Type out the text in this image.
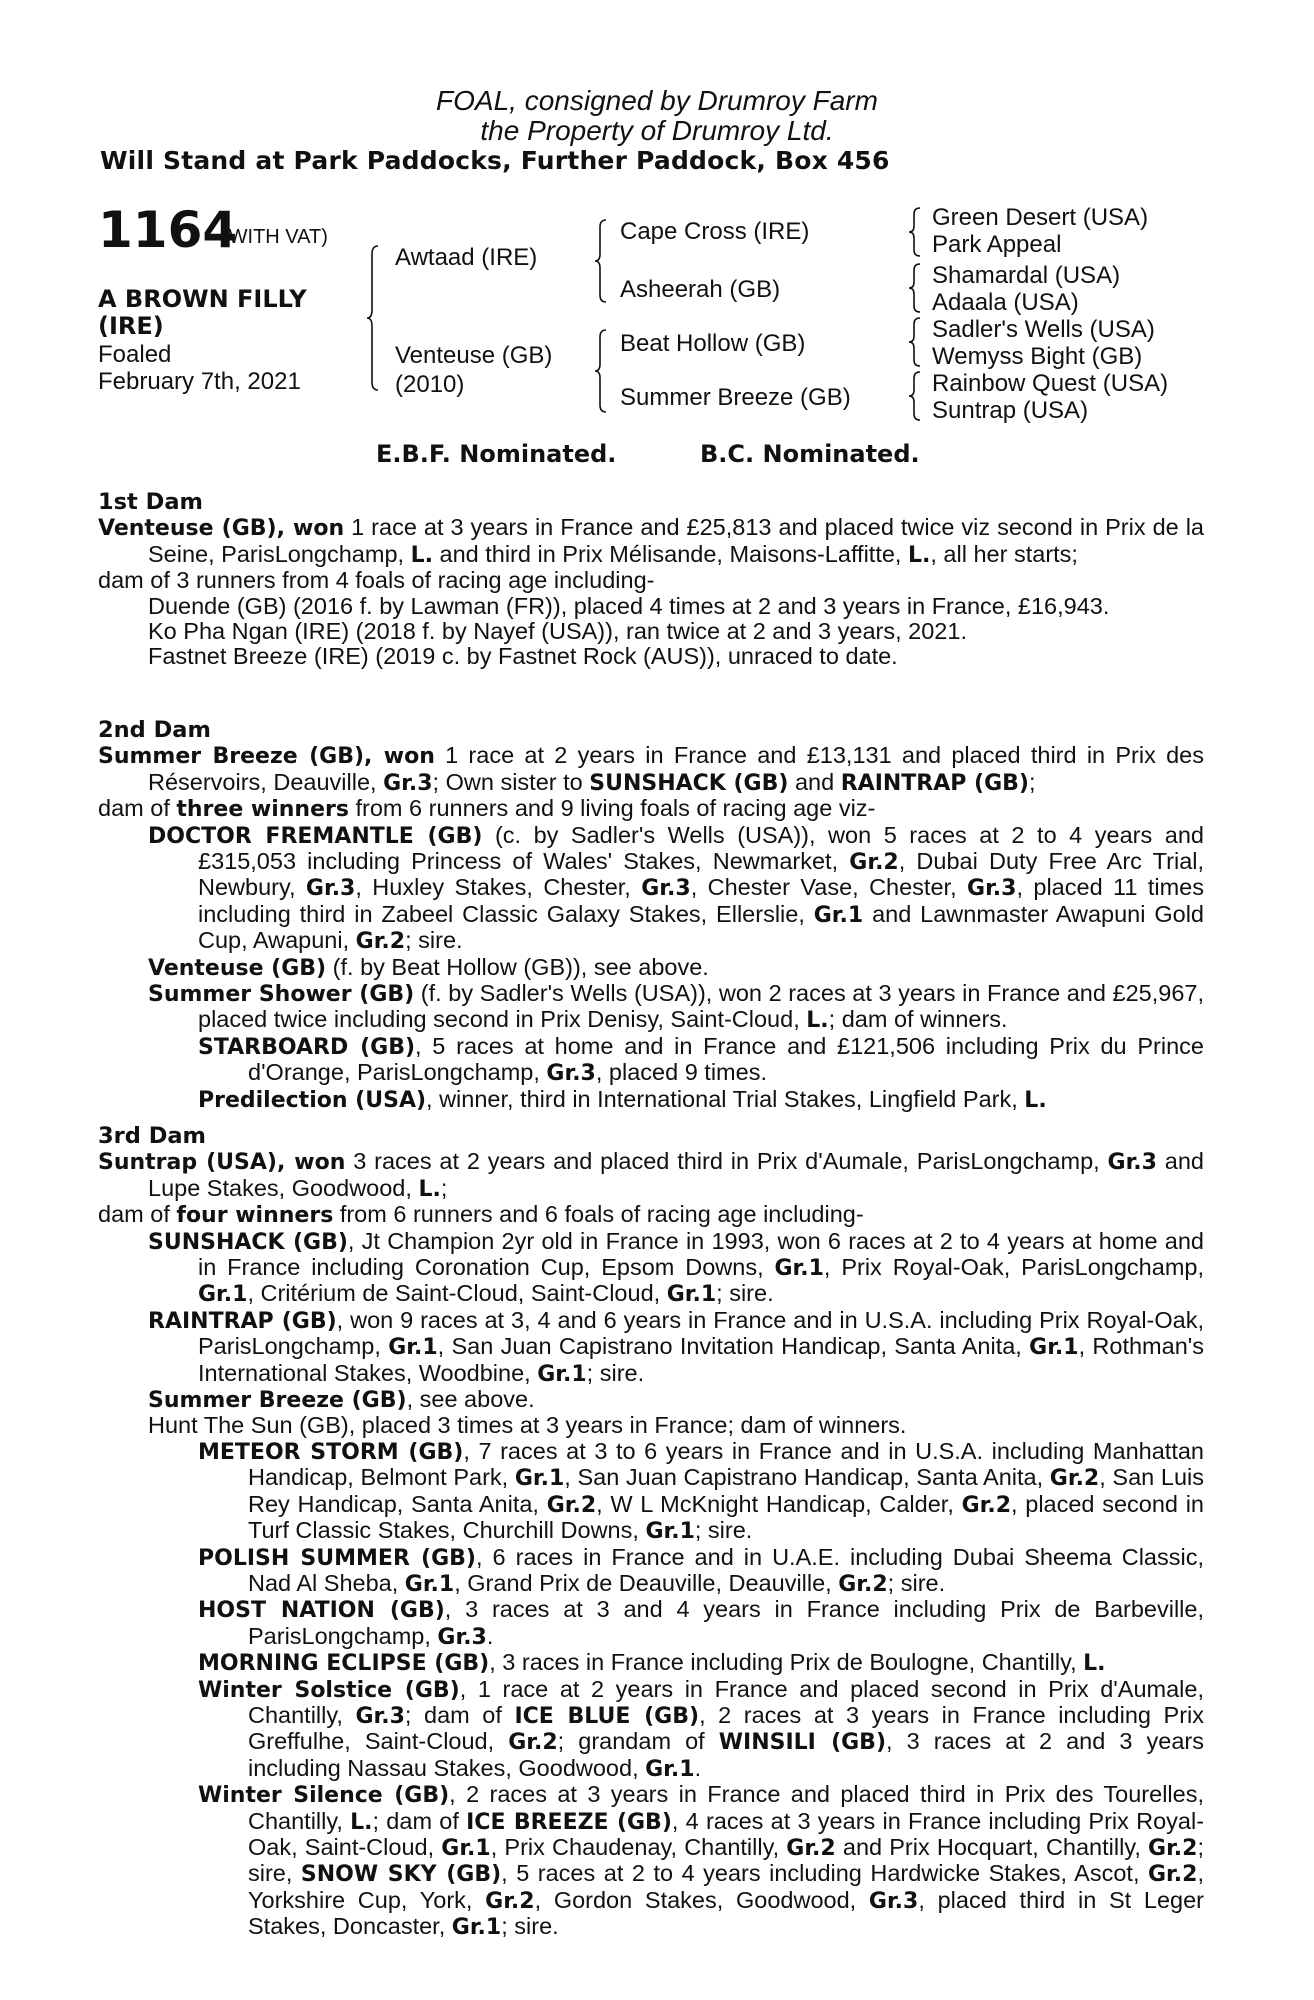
FOAL, consigned by Drumroy Farm
the Property of Drumroy Ltd.
Will Stand at Park Paddocks, Further Paddock, Box 456
1164
(WITH VAT)
A BROWN FILLY
(IRE)
Foaled
February 7th, 2021
Awtaad (IRE)
Venteuse (GB)
(2010)
Cape Cross (IRE)
Asheerah (GB)
Beat Hollow (GB)
Summer Breeze (GB)
Green Desert (USA)
Park Appeal
Shamardal (USA)
Adaala (USA)
Sadler's Wells (USA)
Wemyss Bight (GB)
Rainbow Quest (USA)
Suntrap (USA)
E.B.F. Nominated.	B.C. Nominated.

1st Dam

Venteuse (GB), won 1 race at 3 years in France and £25,813 and placed twice viz second in Prix de la Seine, ParisLongchamp, L. and third in Prix Mélisande, Maisons-Laffitte, L., all her starts;

dam of 3 runners from 4 foals of racing age including-

Duende (GB) (2016 f. by Lawman (FR)), placed 4 times at 2 and 3 years in France, £16,943.

Ko Pha Ngan (IRE) (2018 f. by Nayef (USA)), ran twice at 2 and 3 years, 2021.

Fastnet Breeze (IRE) (2019 c. by Fastnet Rock (AUS)), unraced to date.

2nd Dam

Summer Breeze (GB), won 1 race at 2 years in France and £13,131 and placed third in Prix des Réservoirs, Deauville, Gr.3; Own sister to SUNSHACK (GB) and RAINTRAP (GB);

dam of three winners from 6 runners and 9 living foals of racing age viz-

DOCTOR FREMANTLE (GB) (c. by Sadler's Wells (USA)), won 5 races at 2 to 4 years and £315,053 including Princess of Wales' Stakes, Newmarket, Gr.2, Dubai Duty Free Arc Trial, Newbury, Gr.3, Huxley Stakes, Chester, Gr.3, Chester Vase, Chester, Gr.3, placed 11 times including third in Zabeel Classic Galaxy Stakes, Ellerslie, Gr.1 and Lawnmaster Awapuni Gold Cup, Awapuni, Gr.2; sire.

Venteuse (GB) (f. by Beat Hollow (GB)), see above.

Summer Shower (GB) (f. by Sadler's Wells (USA)), won 2 races at 3 years in France and £25,967, placed twice including second in Prix Denisy, Saint-Cloud, L.; dam of winners.

STARBOARD (GB), 5 races at home and in France and £121,506 including Prix du Prince d'Orange, ParisLongchamp, Gr.3, placed 9 times.

Predilection (USA), winner, third in International Trial Stakes, Lingfield Park, L.

3rd Dam

Suntrap (USA), won 3 races at 2 years and placed third in Prix d'Aumale, ParisLongchamp, Gr.3 and Lupe Stakes, Goodwood, L.;

dam of four winners from 6 runners and 6 foals of racing age including-

SUNSHACK (GB), Jt Champion 2yr old in France in 1993, won 6 races at 2 to 4 years at home and in France including Coronation Cup, Epsom Downs, Gr.1, Prix Royal-Oak, ParisLongchamp, Gr.1, Critérium de Saint-Cloud, Saint-Cloud, Gr.1; sire.

RAINTRAP (GB), won 9 races at 3, 4 and 6 years in France and in U.S.A. including Prix Royal-Oak, ParisLongchamp, Gr.1, San Juan Capistrano Invitation Handicap, Santa Anita, Gr.1, Rothman's International Stakes, Woodbine, Gr.1; sire.

Summer Breeze (GB), see above.

Hunt The Sun (GB), placed 3 times at 3 years in France; dam of winners.

METEOR STORM (GB), 7 races at 3 to 6 years in France and in U.S.A. including Manhattan Handicap, Belmont Park, Gr.1, San Juan Capistrano Handicap, Santa Anita, Gr.2, San Luis Rey Handicap, Santa Anita, Gr.2, W L McKnight Handicap, Calder, Gr.2, placed second in Turf Classic Stakes, Churchill Downs, Gr.1; sire.

POLISH SUMMER (GB), 6 races in France and in U.A.E. including Dubai Sheema Classic, Nad Al Sheba, Gr.1, Grand Prix de Deauville, Deauville, Gr.2; sire.

HOST NATION (GB), 3 races at 3 and 4 years in France including Prix de Barbeville, ParisLongchamp, Gr.3.

MORNING ECLIPSE (GB), 3 races in France including Prix de Boulogne, Chantilly, L.

Winter Solstice (GB), 1 race at 2 years in France and placed second in Prix d'Aumale, Chantilly, Gr.3; dam of ICE BLUE (GB), 2 races at 3 years in France including Prix Greffulhe, Saint-Cloud, Gr.2; grandam of WINSILI (GB), 3 races at 2 and 3 years including Nassau Stakes, Goodwood, Gr.1.

Winter Silence (GB), 2 races at 3 years in France and placed third in Prix des Tourelles, Chantilly, L.; dam of ICE BREEZE (GB), 4 races at 3 years in France including Prix Royal-Oak, Saint-Cloud, Gr.1, Prix Chaudenay, Chantilly, Gr.2 and Prix Hocquart, Chantilly, Gr.2; sire, SNOW SKY (GB), 5 races at 2 to 4 years including Hardwicke Stakes, Ascot, Gr.2, Yorkshire Cup, York, Gr.2, Gordon Stakes, Goodwood, Gr.3, placed third in St Leger Stakes, Doncaster, Gr.1; sire.
